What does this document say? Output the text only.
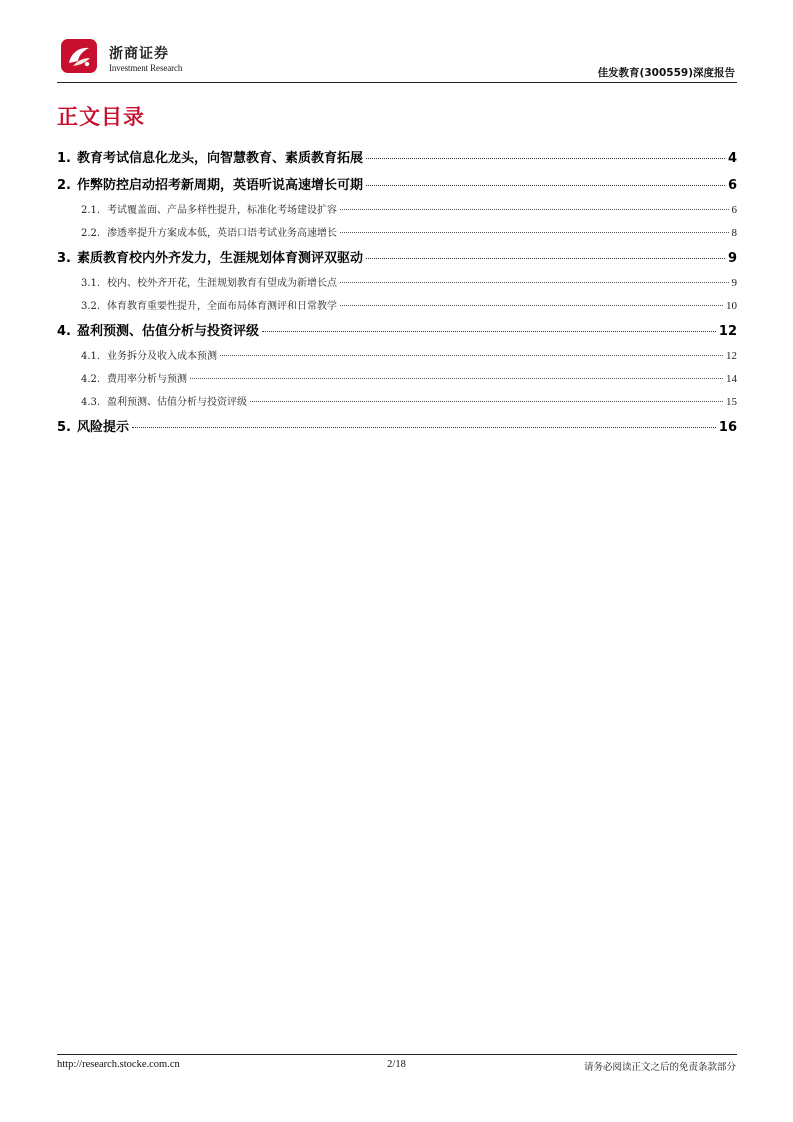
浙商证券
Investment Research	佳发教育(300559)深度报告
正文目录
1. 教育考试信息化龙头，向智慧教育、素质教育拓展	4
2. 作弊防控启动招考新周期，英语听说高速增长可期	6
2.1. 考试覆盖面、产品多样性提升，标准化考场建设扩容	6
2.2. 渗透率提升方案成本低，英语口语考试业务高速增长	8
3. 素质教育校内外齐发力，生涯规划体育测评双驱动	9
3.1. 校内、校外齐开花，生涯规划教育有望成为新增长点	9
3.2. 体育教育重要性提升，全面布局体育测评和日常教学	10
4. 盈利预测、估值分析与投资评级	12
4.1. 业务拆分及收入成本预测	12
4.2. 费用率分析与预测	14
4.3. 盈利预测、估值分析与投资评级	15
5. 风险提示	16
http://research.stocke.com.cn	2/18	请务必阅读正文之后的免责条款部分
